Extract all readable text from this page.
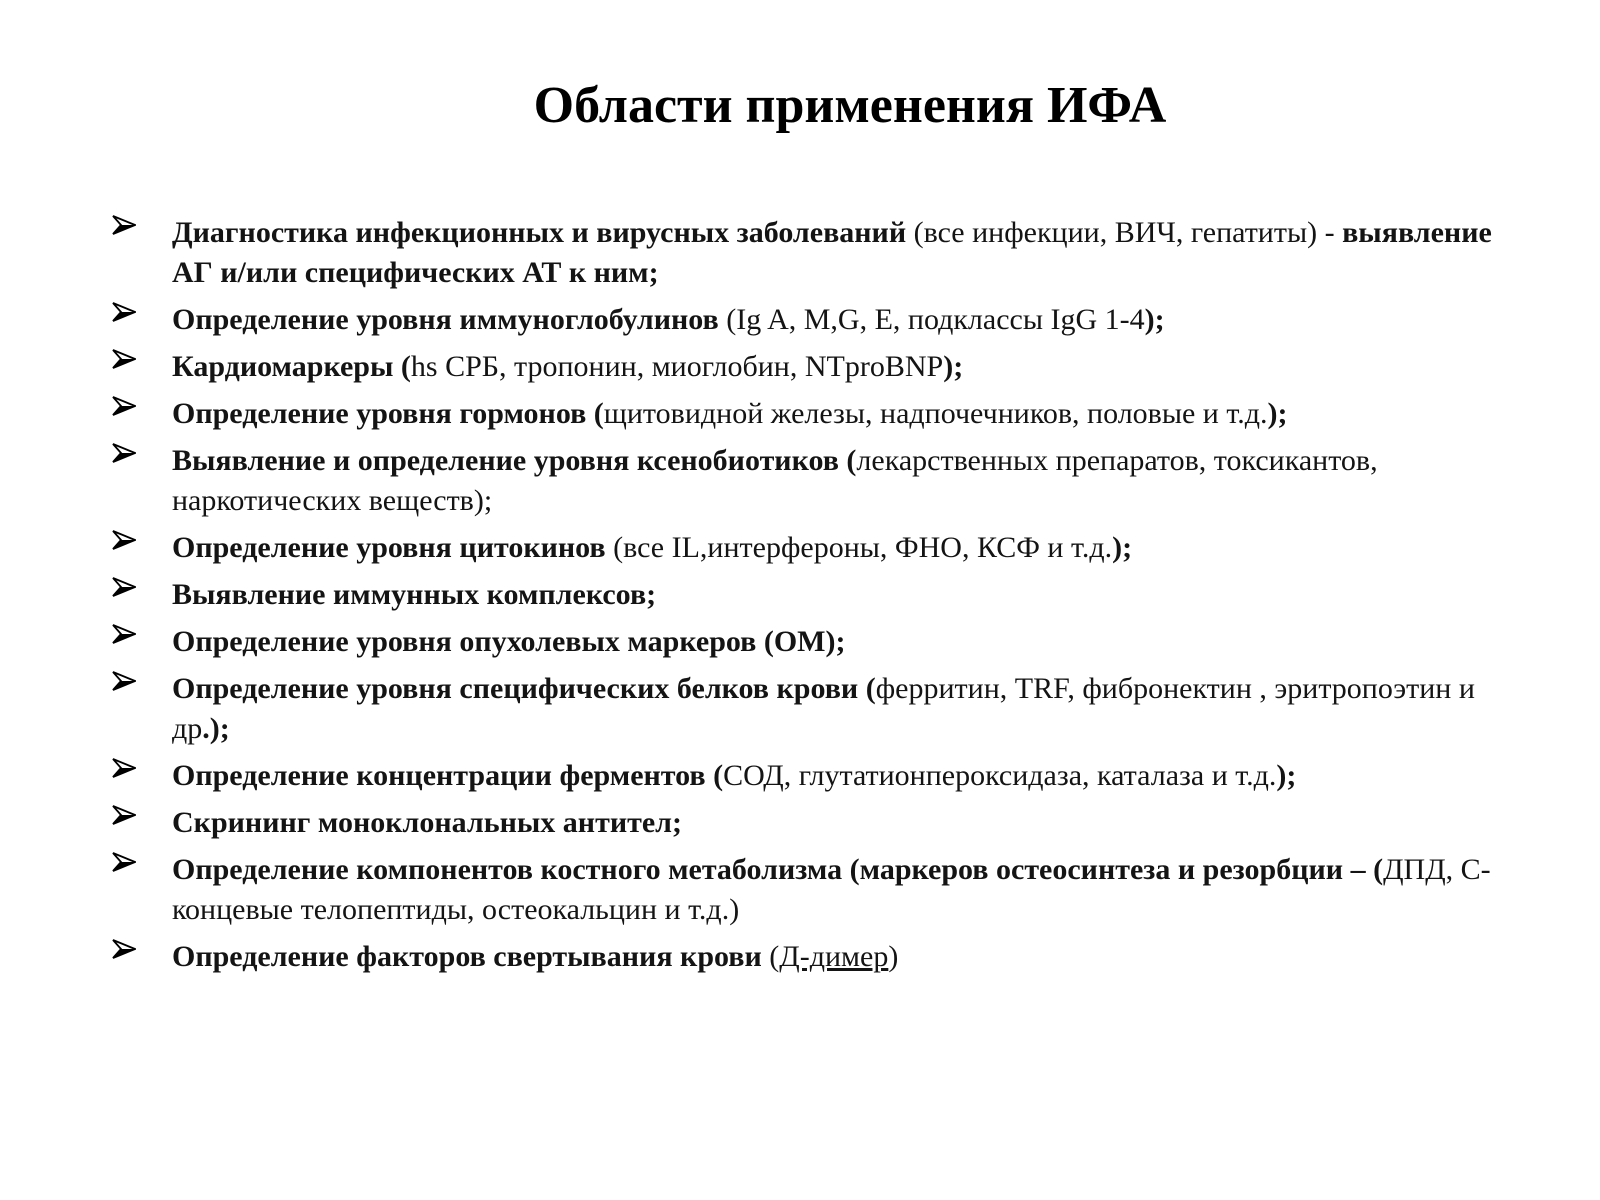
Области применения ИФА
Диагностика инфекционных и вирусных заболеваний (все инфекции, ВИЧ, гепатиты) - выявление АГ и/или специфических АТ к ним;
Определение уровня иммуноглобулинов (Ig A, M,G, E, подклассы IgG 1-4);
Кардиомаркеры (hs СРБ, тропонин, миоглобин, NTproBNP);
Определение уровня гормонов (щитовидной железы, надпочечников, половые и т.д.);
Выявление и определение уровня ксенобиотиков (лекарственных препаратов, токсикантов, наркотических веществ);
Определение уровня цитокинов (все IL,интерфероны, ФНО, КСФ и т.д.);
Выявление иммунных комплексов;
Определение уровня опухолевых маркеров (ОМ);
Определение уровня специфических белков крови (ферритин, TRF, фибронектин , эритропоэтин и др.);
Определение концентрации ферментов (СОД, глутатионпероксидаза, каталаза и т.д.);
Скрининг моноклональных антител;
Определение компонентов костного метаболизма (маркеров остеосинтеза и резорбции – (ДПД, С-концевые телопептиды, остеокальцин и т.д.)
Определение факторов свертывания крови (Д-димер)
